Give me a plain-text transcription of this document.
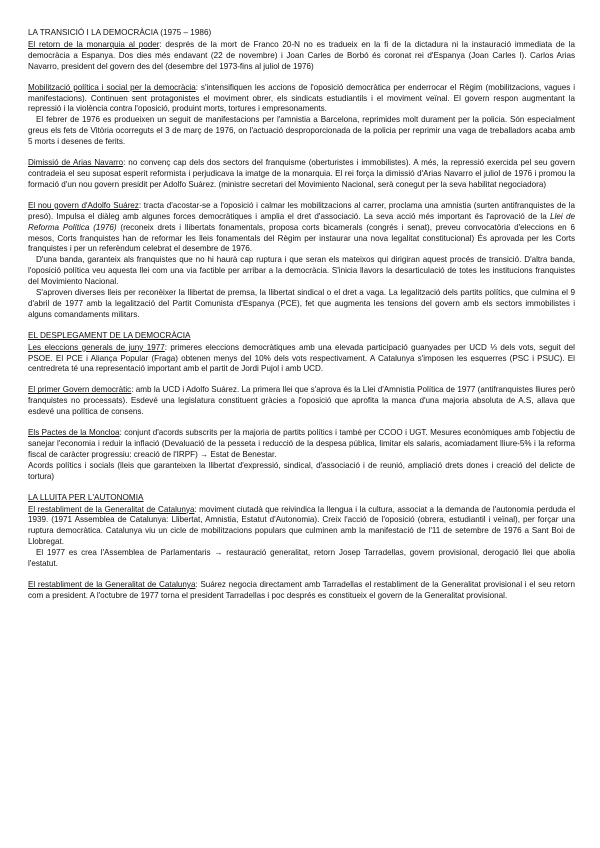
LA TRANSICIÓ I LA DEMOCRÀCIA (1975 – 1986)

El retorn de la monarquia al poder: després de la mort de Franco 20-N no es tradueix en la fi de la dictadura ni la instauració immediata de la democràcia a Espanya. Dos dies més endavant (22 de novembre) i Joan Carles de Borbó és coronat rei d'Espanya (Joan Carles I). Carlos Arias Navarro, president del govern des del (desembre del 1973-fins al juliol de 1976)

Mobilització política i social per la democràcia: s'intensifiquen les accions de l'oposició democràtica per enderrocar el Règim (mobilitzacions, vagues i manifestacions). Continuen sent protagonistes el moviment obrer, els sindicats estudiantils i el moviment veïnal. El govern respon augmentant la repressió i la violència contra l'oposició, produint morts, tortures i empresonaments.

El febrer de 1976 es produeixen un seguit de manifestacions per l'amnistia a Barcelona, reprimides molt durament per la policia. Són especialment greus els fets de Vitòria ocorreguts el 3 de març de 1976, on l'actuació desproporcionada de la policia per reprimir una vaga de treballadors acaba amb 5 morts i desenes de ferits.

Dimissió de Arias Navarro: no convenç cap dels dos sectors del franquisme (oberturistes i immobilistes). A més, la repressió exercida pel seu govern contradeia el seu suposat esperit reformista i perjudicava la imatge de la monarquia. El rei força la dimissió d'Arias Navarro el juliol de 1976 i promou la formació d'un nou govern presidit per Adolfo Suárez. (ministre secretari del Movimiento Nacional, serà conegut per la seva habilitat negociadora)

El nou govern d'Adolfo Suárez: tracta d'acostar-se a l'oposició i calmar les mobilitzacions al carrer, proclama una amnistia (surten antifranquistes de la presó). Impulsa el diàleg amb algunes forces democràtiques i amplia el dret d'associació. La seva acció més important és l'aprovació de la Llei de Reforma Política (1976) (reconeix drets i llibertats fonamentals, proposa corts bicamerals (congrés i senat), preveu convocatòria d'eleccions en 6 mesos, Corts franquistes han de reformar les lleis fonamentals del Règim per instaurar una nova legalitat constitucional) És aprovada per les Corts franquistes i per un referèndum celebrat el desembre de 1976.

D'una banda, garanteix als franquistes que no hi haurà cap ruptura i que seran els mateixos qui dirigiran aquest procés de transició. D'altra banda, l'oposició política veu aquesta llei com una via factible per arribar a la democràcia. S'inicia llavors la desarticulació de totes les institucions franquistes del Movimiento Nacional.

S'aproven diverses lleis per reconèixer la llibertat de premsa, la llibertat sindical o el dret a vaga. La legalització dels partits polítics, que culmina el 9 d'abril de 1977 amb la legalització del Partit Comunista d'Espanya (PCE), fet que augmenta les tensions del govern amb els sectors immobilistes i alguns comandaments militars.

EL DESPLEGAMENT DE LA DEMOCRÀCIA

Les eleccions generals de juny 1977: primeres eleccions democràtiques amb una elevada participació guanyades per UCD ⅓ dels vots, seguit del PSOE. El PCE i Aliança Popular (Fraga) obtenen menys del 10% dels vots respectivament. A Catalunya s'imposen les esquerres (PSC i PSUC). El centredreta té una representació important amb el partit de Jordi Pujol i amb UCD.

El primer Govern democràtic: amb la UCD i Adolfo Suárez. La primera llei que s'aprova és la Llei d'Amnistia Política de 1977 (antifranquistes lliures però franquistes no processats). Esdevé una legislatura constituent gràcies a l'oposició que aprofita la manca d'una majoria absoluta de A.S, allava que esdevé una política de consens.

Els Pactes de la Moncloa: conjunt d'acords subscrits per la majoria de partits polítics i també per CCOO i UGT. Mesures econòmiques amb l'objectiu de sanejar l'economia i reduir la inflació (Devaluació de la pesseta i reducció de la despesa pública, limitar els salaris, acomiadament lliure-5% i la reforma fiscal de caràcter progressiu: creació de l'IRPF) → Estat de Benestar.

Acords polítics i socials (lleis que garanteixen la llibertat d'expressió, sindical, d'associació i de reunió, ampliació drets dones i creació del delicte de tortura)

LA LLUITA PER L'AUTONOMIA

El restabliment de la Generalitat de Catalunya: moviment ciutadà que reivindica la llengua i la cultura, associat a la demanda de l'autonomia perduda el 1939. (1971 Assemblea de Catalunya: Llibertat, Amnistia, Estatut d'Autonomia). Creix l'acció de l'oposició (obrera, estudiantil i veïnal), per forçar una ruptura democràtica. Catalunya viu un cicle de mobilitzacions populars que culminen amb la manifestació de l'11 de setembre de 1976 a Sant Boi de Llobregat.

El 1977 es crea l'Assemblea de Parlamentaris → restauració generalitat, retorn Josep Tarradellas, govern provisional, derogació llei que abolia l'estatut.

El restabliment de la Generalitat de Catalunya: Suárez negocia directament amb Tarradellas el restabliment de la Generalitat provisional i el seu retorn com a president. A l'octubre de 1977 torna el president Tarradellas i poc després es constitueix el govern de la Generalitat provisional.
